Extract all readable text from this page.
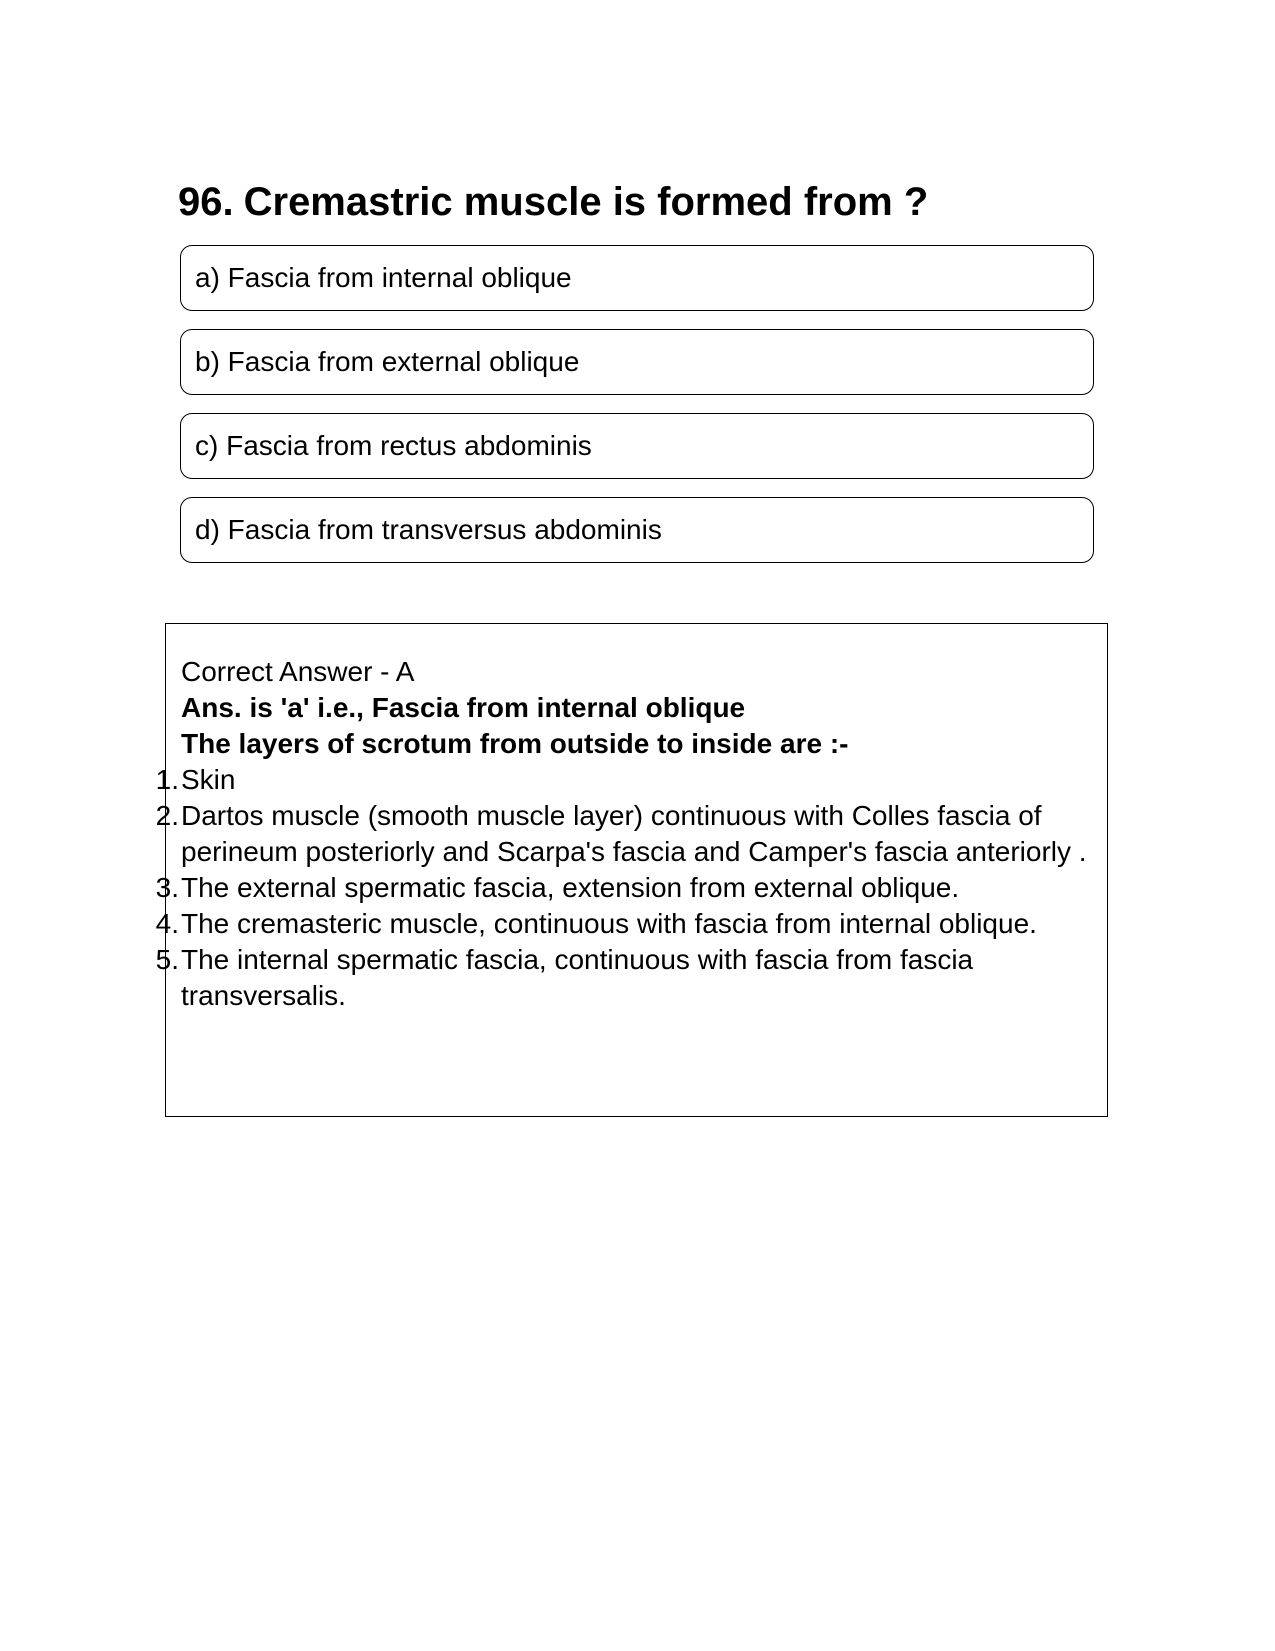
96. Cremastric muscle is formed from ?
a) Fascia from internal oblique
b) Fascia from external oblique
c) Fascia from rectus abdominis
d) Fascia from transversus abdominis

Correct Answer - A

Ans. is 'a' i.e., Fascia from internal oblique

The layers of scrotum from outside to inside are :-

1. Skin
2. Dartos muscle (smooth muscle layer) continuous with Colles fascia of perineum posteriorly and Scarpa's fascia and Camper's fascia anteriorly .
3. The external spermatic fascia, extension from external oblique.
4. The cremasteric muscle, continuous with fascia from internal oblique.
5. The internal spermatic fascia, continuous with fascia from fascia transversalis.
